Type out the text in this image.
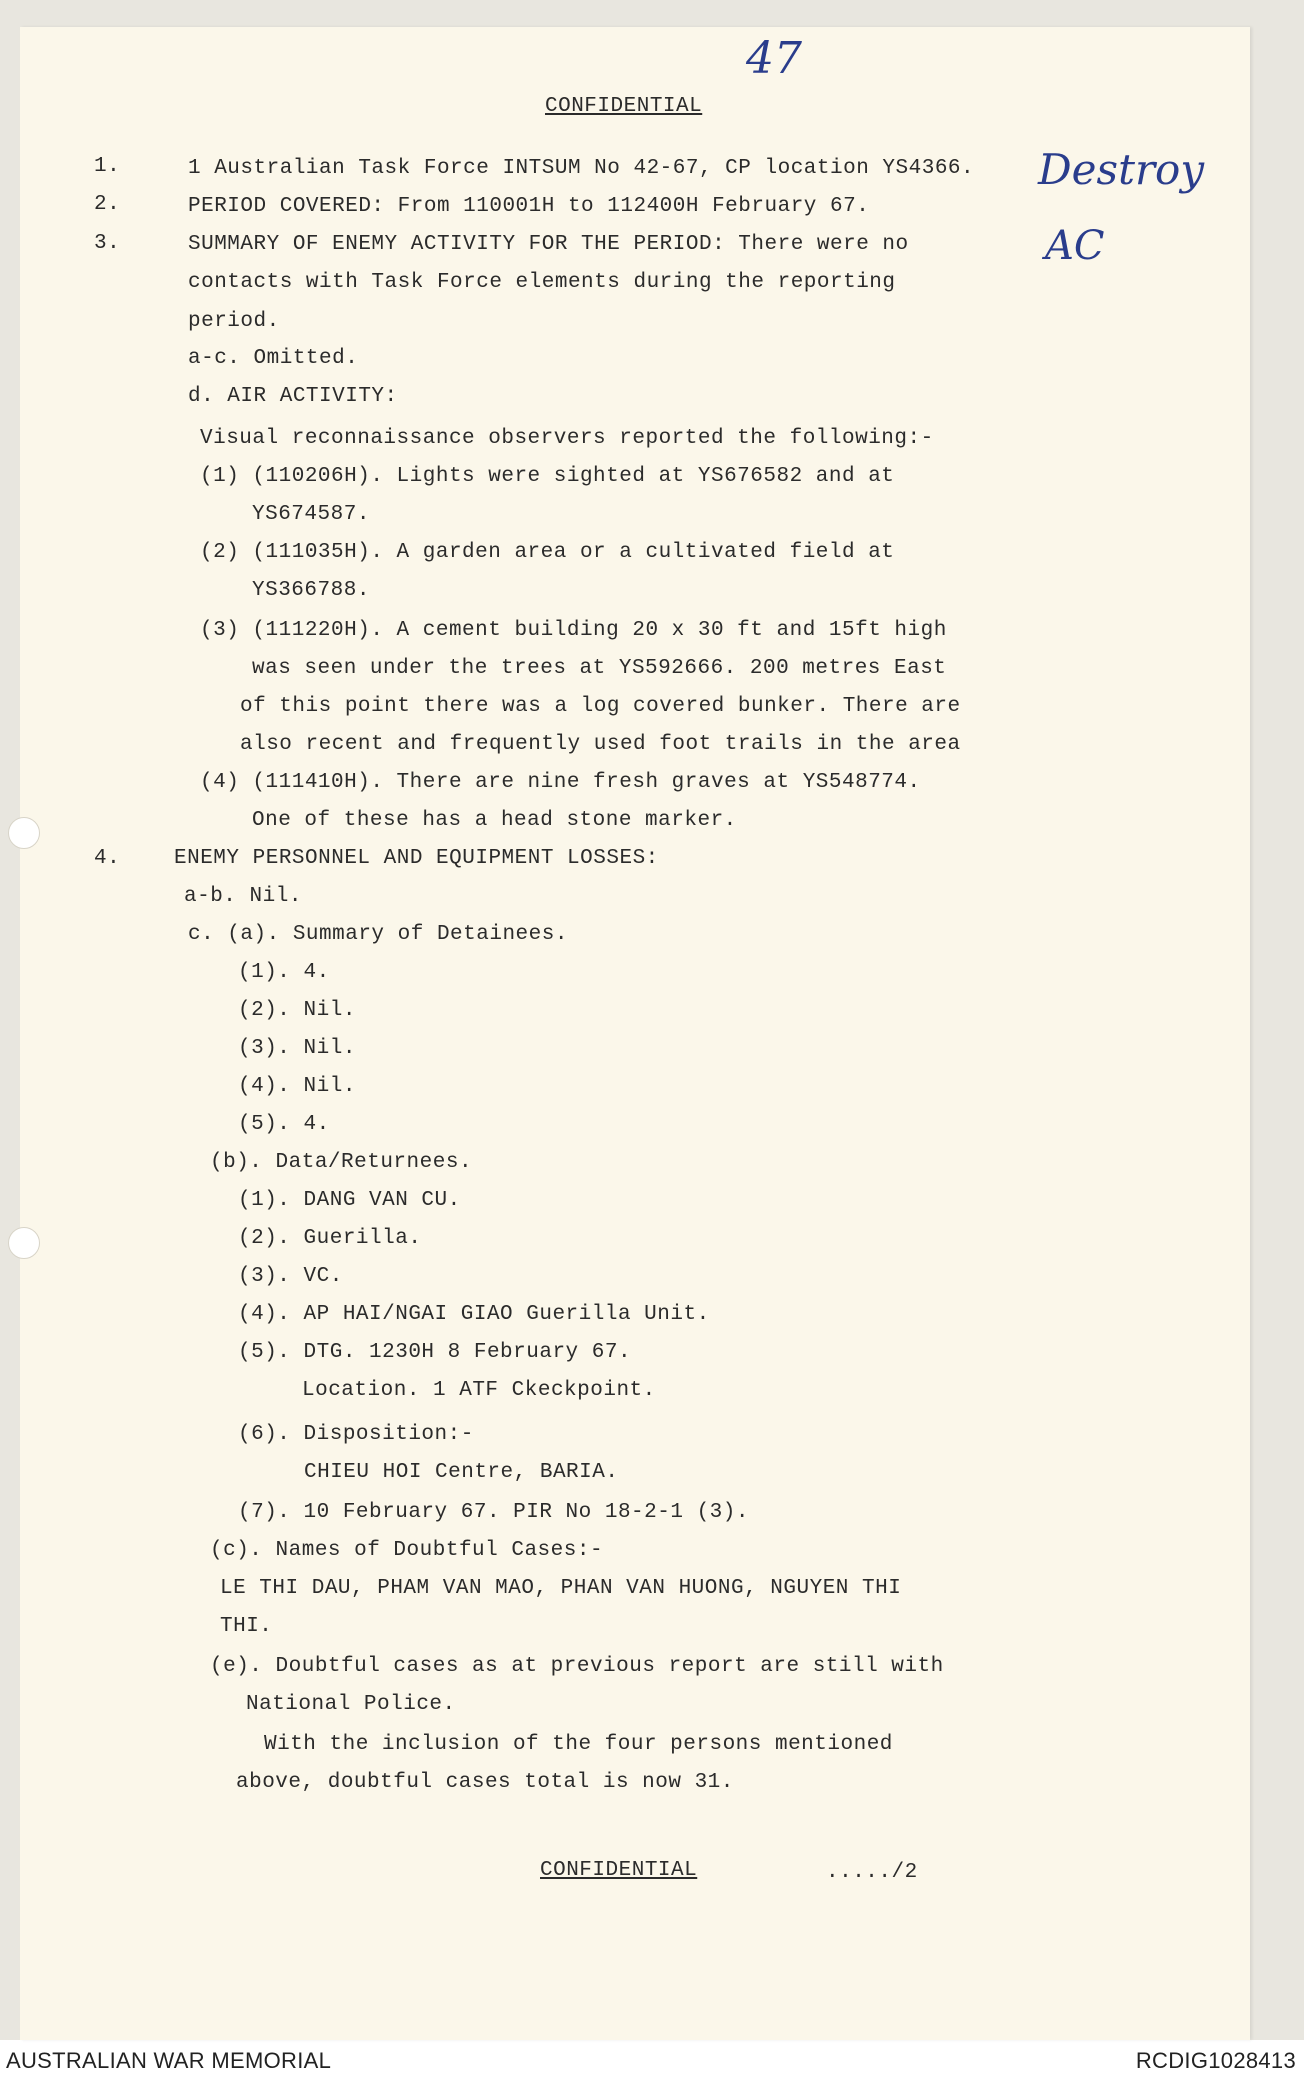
47
Destroy
AC
CONFIDENTIAL
1.	1 Australian Task Force INTSUM No 42-67, CP location YS4366.
2.	PERIOD COVERED: From 110001H to 112400H February 67.
3.	SUMMARY OF ENEMY ACTIVITY FOR THE PERIOD: There were no
contacts with Task Force elements during the reporting
period.
a-c. Omitted.
d. AIR ACTIVITY:
Visual reconnaissance observers reported the following:-
(1) (110206H). Lights were sighted at YS676582 and at
YS674587.
(2) (111035H). A garden area or a cultivated field at
YS366788.
(3) (111220H). A cement building 20 x 30 ft and 15ft high
was seen under the trees at YS592666. 200 metres East
of this point there was a log covered bunker. There are
also recent and frequently used foot trails in the area
(4) (111410H). There are nine fresh graves at YS548774.
One of these has a head stone marker.
4.	ENEMY PERSONNEL AND EQUIPMENT LOSSES:
a-b. Nil.
c. (a). Summary of Detainees.
(1). 4.
(2). Nil.
(3). Nil.
(4). Nil.
(5). 4.
(b). Data/Returnees.
(1). DANG VAN CU.
(2). Guerilla.
(3). VC.
(4). AP HAI/NGAI GIAO Guerilla Unit.
(5). DTG. 1230H 8 February 67.
Location. 1 ATF Ckeckpoint.
(6). Disposition:-
CHIEU HOI Centre, BARIA.
(7). 10 February 67. PIR No 18-2-1 (3).
(c). Names of Doubtful Cases:-
LE THI DAU, PHAM VAN MAO, PHAN VAN HUONG, NGUYEN THI
THI.
(e). Doubtful cases as at previous report are still with
National Police.
With the inclusion of the four persons mentioned
above, doubtful cases total is now 31.
CONFIDENTIAL	...../2
AUSTRALIAN WAR MEMORIAL	RCDIG1028413
